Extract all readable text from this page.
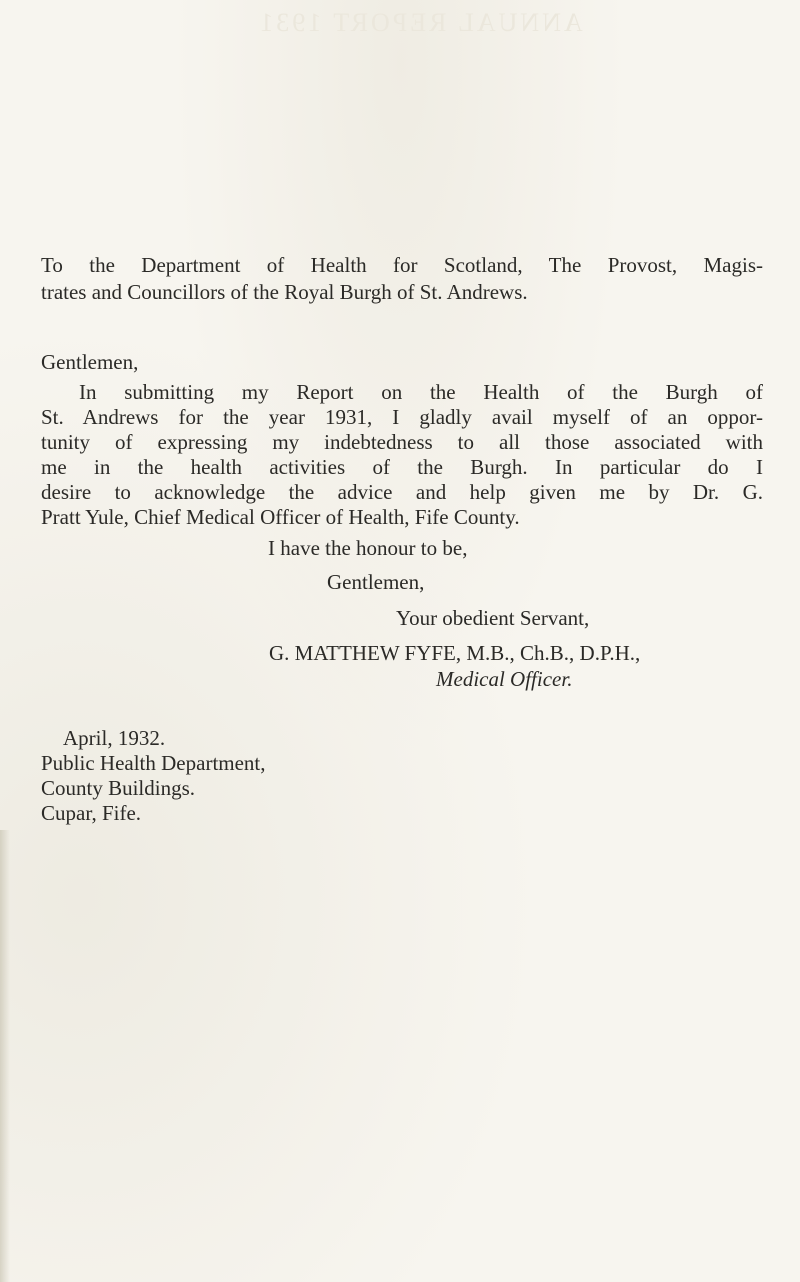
ANNUAL REPORT 1931
To the Department of Health for Scotland, The Provost, Magis-
trates and Councillors of the Royal Burgh of St. Andrews.
Gentlemen,
In submitting my Report on the Health of the Burgh of
St. Andrews for the year 1931, I gladly avail myself of an oppor-
tunity of expressing my indebtedness to all those associated with
me in the health activities of the Burgh. In particular do I
desire to acknowledge the advice and help given me by Dr. G.
Pratt Yule, Chief Medical Officer of Health, Fife County.
I have the honour to be,
Gentlemen,
Your obedient Servant,
G. MATTHEW FYFE, M.B., Ch.B., D.P.H.,
Medical Officer.
April, 1932.
Public Health Department,
County Buildings.
Cupar, Fife.
